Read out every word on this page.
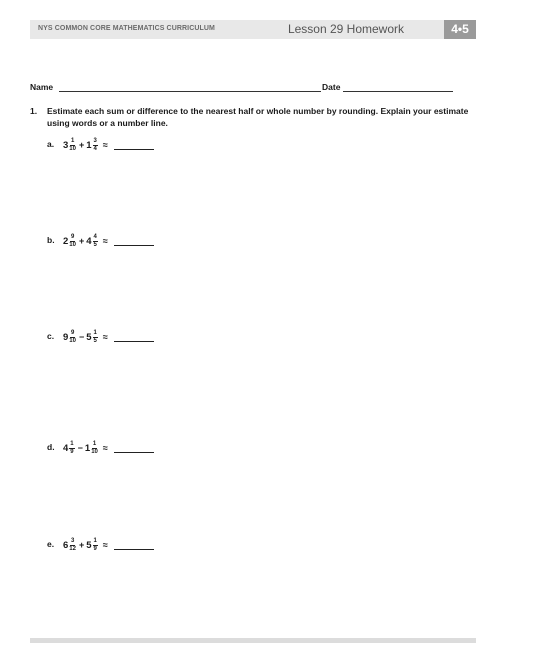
NYS COMMON CORE MATHEMATICS CURRICULUM	Lesson 29 Homework	4•5
Name	Date
1. Estimate each sum or difference to the nearest half or whole number by rounding. Explain your estimate using words or a number line.
a. $3 \frac{1}{10} + 1 \frac{3}{4}$ ≈
b. $2 \frac{9}{10} + 4 \frac{4}{5}$ ≈
c. $9 \frac{9}{10} - 5 \frac{1}{5}$ ≈
d. $4 \frac{1}{9} - 1 \frac{1}{10}$ ≈
e. $6 \frac{3}{12} + 5 \frac{1}{9}$ ≈
